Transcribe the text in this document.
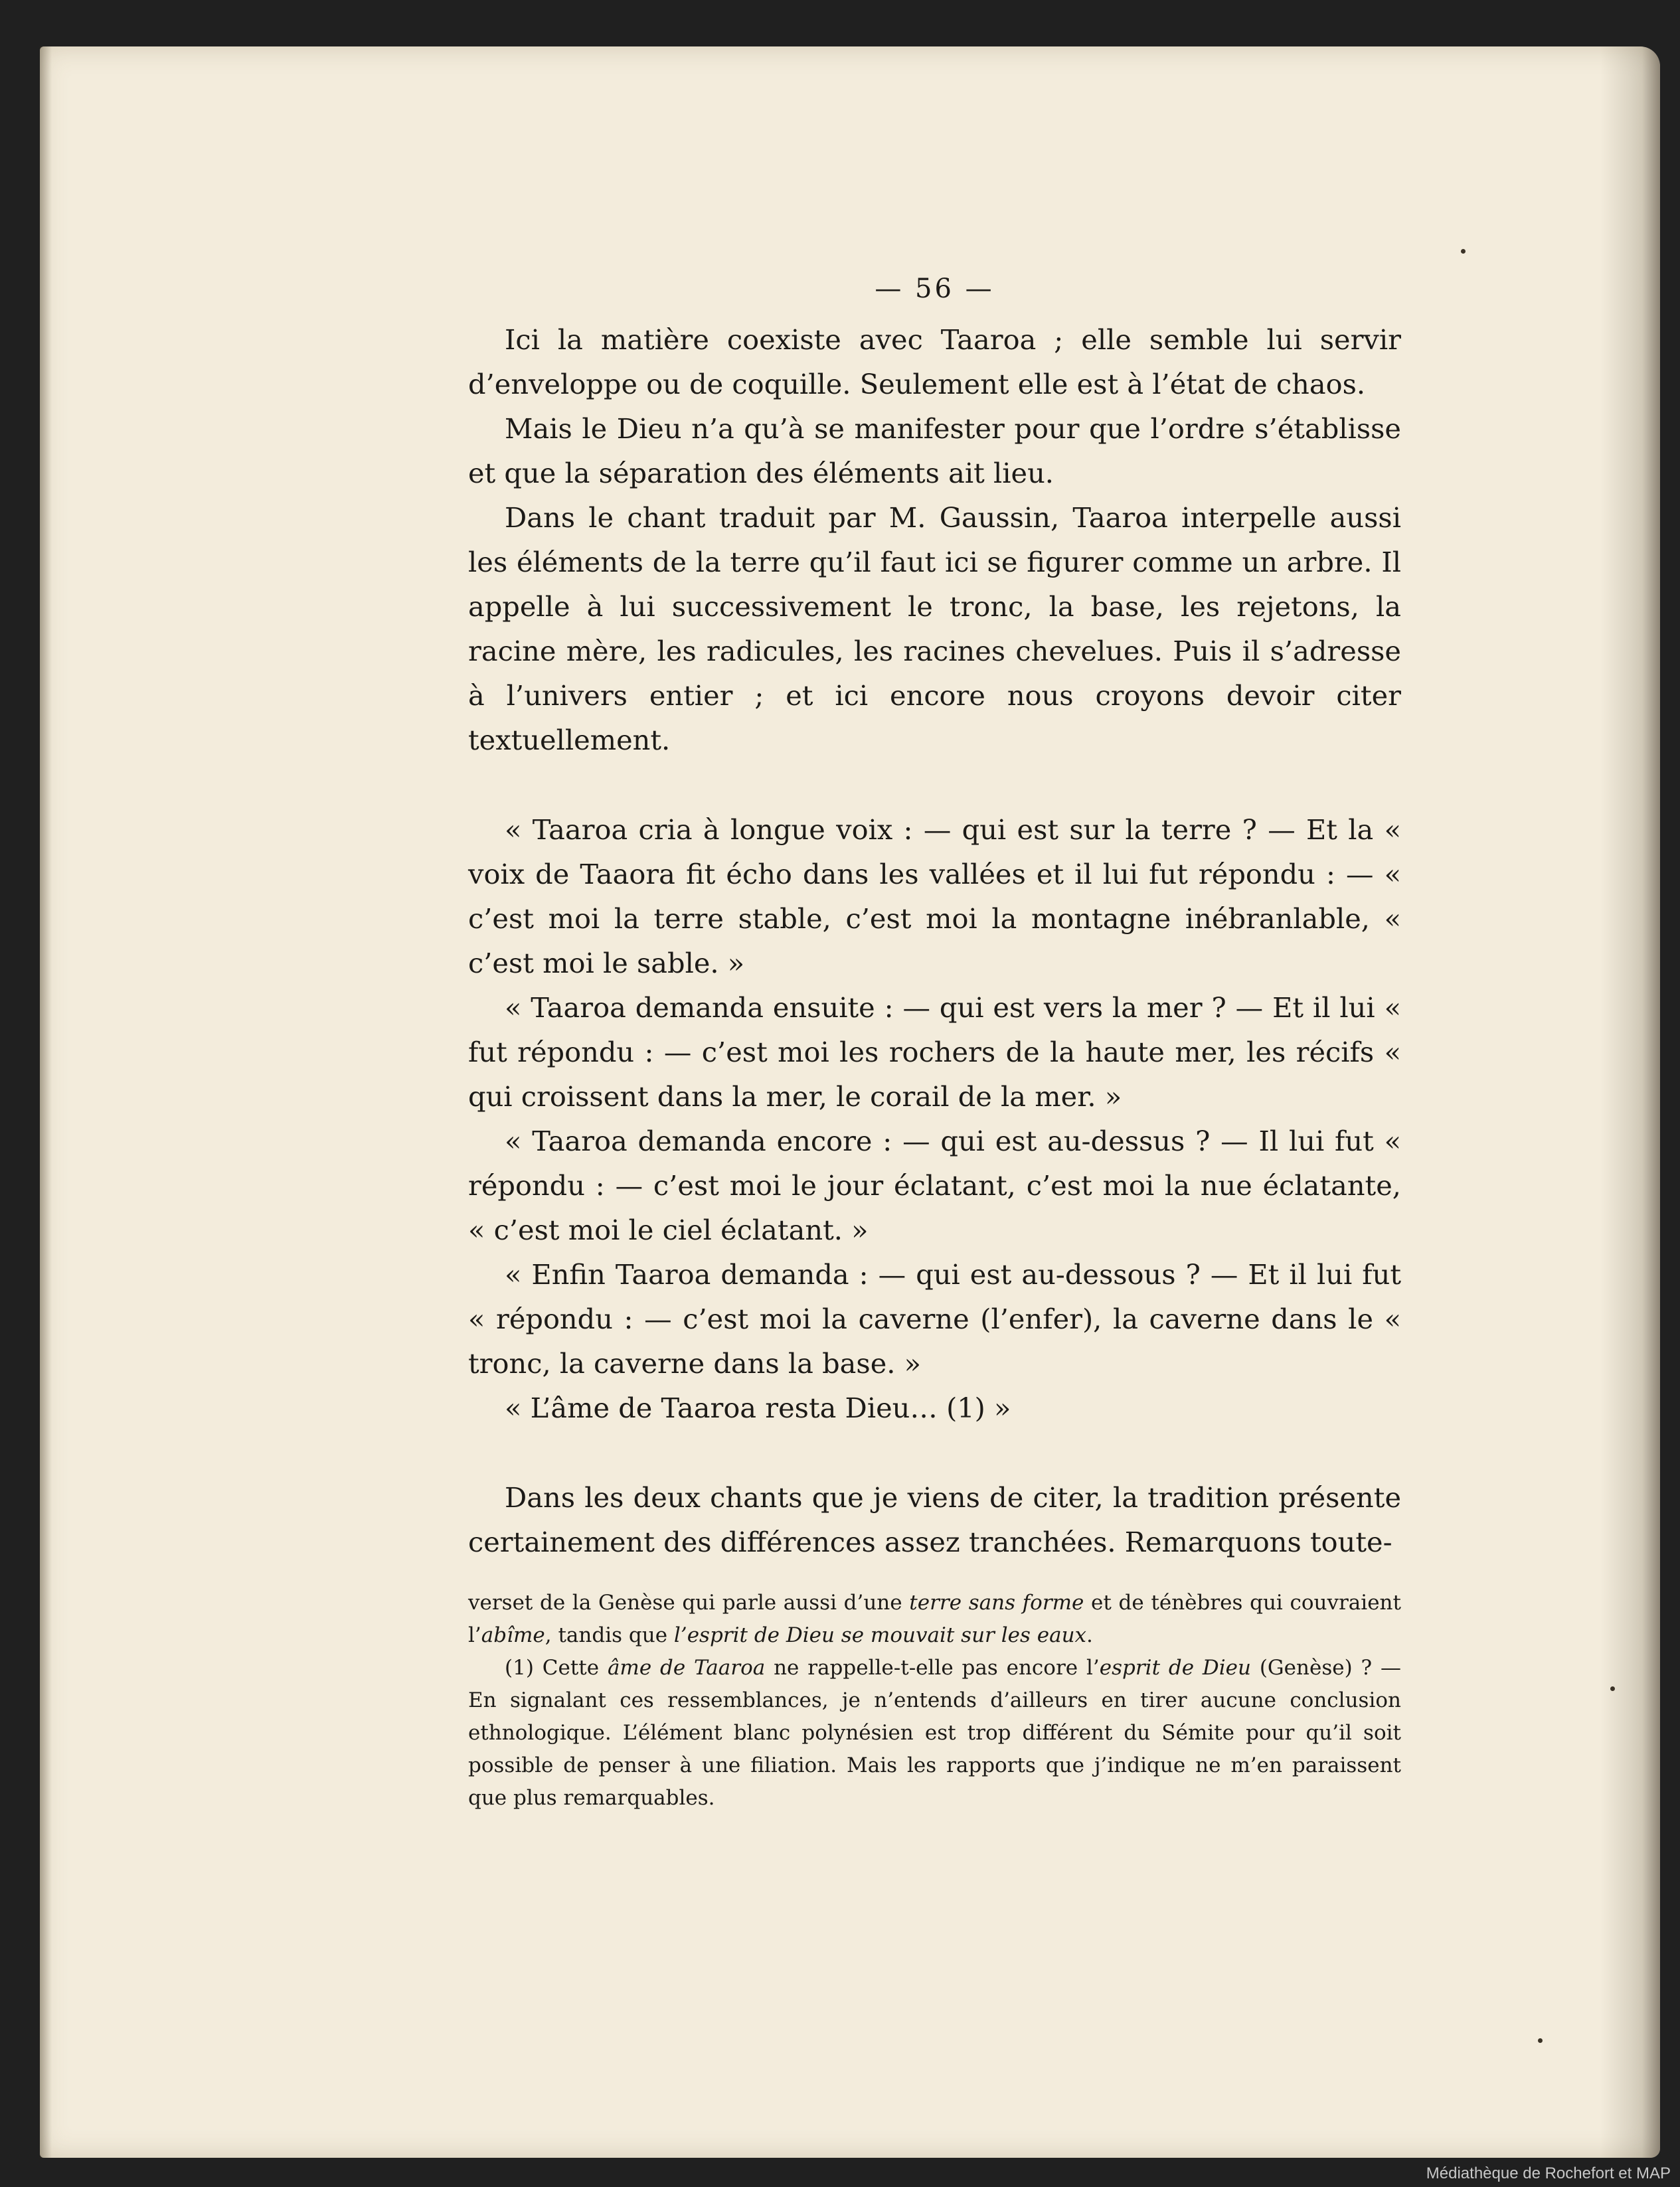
— 56 —

Ici la matière coexiste avec Taaroa ; elle semble lui servir d’enveloppe ou de coquille. Seulement elle est à l’état de chaos.

Mais le Dieu n’a qu’à se manifester pour que l’ordre s’établisse et que la séparation des éléments ait lieu.

Dans le chant traduit par M. Gaussin, Taaroa interpelle aussi les éléments de la terre qu’il faut ici se figurer comme un arbre. Il appelle à lui successivement le tronc, la base, les rejetons, la racine mère, les radicules, les racines chevelues. Puis il s’adresse à l’univers entier ; et ici encore nous croyons devoir citer textuellement.

« Taaroa cria à longue voix : — qui est sur la terre ? — Et la « voix de Taaora fit écho dans les vallées et il lui fut répondu : — « c’est moi la terre stable, c’est moi la montagne inébranlable, « c’est moi le sable. »

« Taaroa demanda ensuite : — qui est vers la mer ? — Et il lui « fut répondu : — c’est moi les rochers de la haute mer, les récifs « qui croissent dans la mer, le corail de la mer. »

« Taaroa demanda encore : — qui est au-dessus ? — Il lui fut « répondu : — c’est moi le jour éclatant, c’est moi la nue éclatante, « c’est moi le ciel éclatant. »

« Enfin Taaroa demanda : — qui est au-dessous ? — Et il lui fut « répondu : — c’est moi la caverne (l’enfer), la caverne dans le « tronc, la caverne dans la base. »

« L’âme de Taaroa resta Dieu… (1) »

Dans les deux chants que je viens de citer, la tradition présente certainement des différences assez tranchées. Remarquons toute-

verset de la Genèse qui parle aussi d’une terre sans forme et de ténèbres qui couvraient l’abîme, tandis que l’esprit de Dieu se mouvait sur les eaux.

(1) Cette âme de Taaroa ne rappelle-t-elle pas encore l’esprit de Dieu (Genèse) ? — En signalant ces ressemblances, je n’entends d’ailleurs en tirer aucune conclusion ethnologique. L’élément blanc polynésien est trop différent du Sémite pour qu’il soit possible de penser à une filiation. Mais les rapports que j’indique ne m’en paraissent que plus remarquables.

Médiathèque de Rochefort et MAP
